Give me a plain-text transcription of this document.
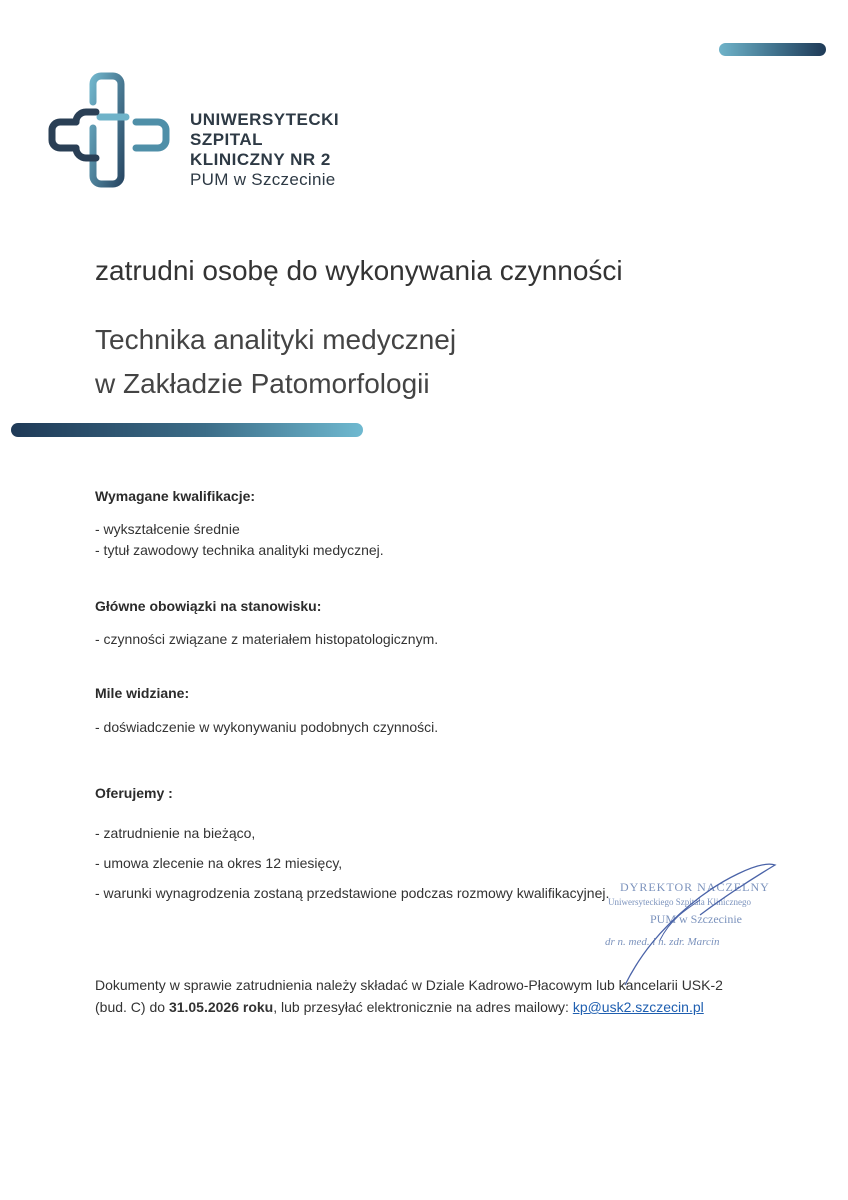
UNIWERSYTECKI
SZPITAL
KLINICZNY NR 2
PUM w Szczecinie
zatrudni osobę do wykonywania czynności
Technika analityki medycznej
w Zakładzie Patomorfologii
Wymagane kwalifikacje:
- wykształcenie średnie
- tytuł zawodowy technika analityki medycznej.
Główne obowiązki na stanowisku:
- czynności związane z materiałem histopatologicznym.
Mile widziane:
- doświadczenie w wykonywaniu podobnych czynności.
Oferujemy :
- zatrudnienie na bieżąco,
- umowa zlecenie na okres 12 miesięcy,
- warunki wynagrodzenia zostaną przedstawione podczas rozmowy kwalifikacyjnej. DYREKTOR NACZELNY
Uniwersyteckiego Szpitala Klinicznego
PUM w Szczecinie
dr n. med. i n. zdr. Marcin
Dokumenty w sprawie zatrudnienia należy składać w Dziale Kadrowo-Płacowym lub kancelarii USK-2 (bud. C) do 31.05.2026 roku, lub przesyłać elektronicznie na adres mailowy: kp@usk2.szczecin.pl
